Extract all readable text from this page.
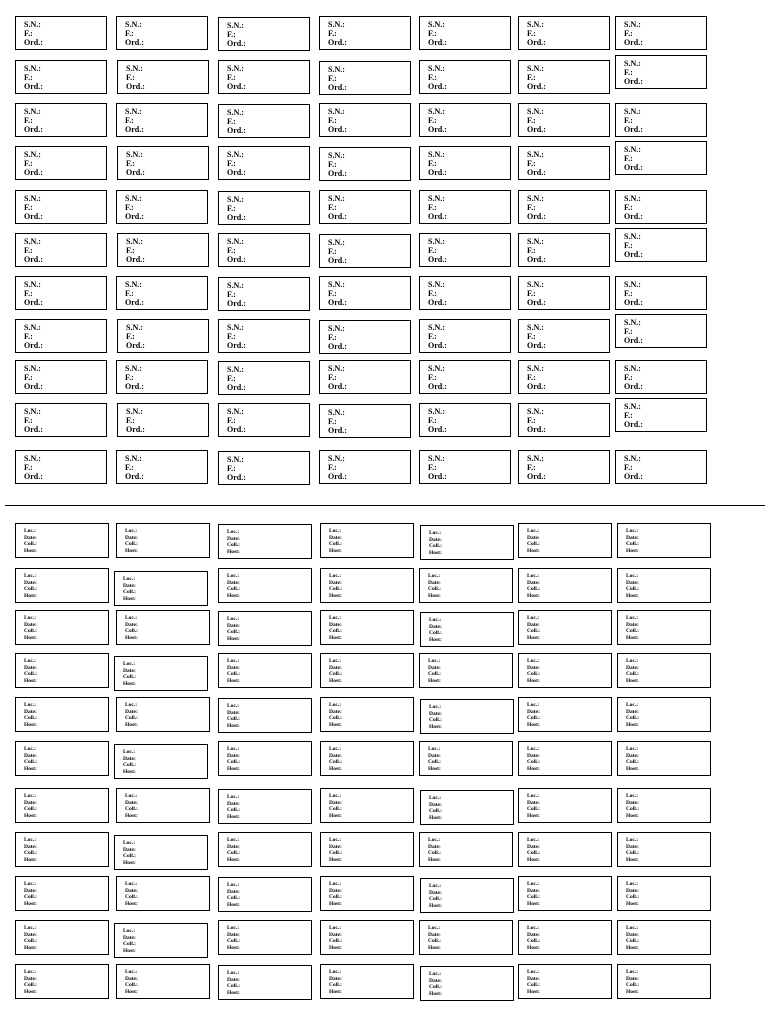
S.N.:
F.:
Ord.:
S.N.:
F.:
Ord.:
S.N.:
F.:
Ord.:
S.N.:
F.:
Ord.:
S.N.:
F.:
Ord.:
S.N.:
F.:
Ord.:
S.N.:
F.:
Ord.:
S.N.:
F.:
Ord.:
S.N.:
F.:
Ord.:
S.N.:
F.:
Ord.:
S.N.:
F.:
Ord.:
S.N.:
F.:
Ord.:
S.N.:
F.:
Ord.:
S.N.:
F.:
Ord.:
S.N.:
F.:
Ord.:
S.N.:
F.:
Ord.:
S.N.:
F.:
Ord.:
S.N.:
F.:
Ord.:
S.N.:
F.:
Ord.:
S.N.:
F.:
Ord.:
S.N.:
F.:
Ord.:
S.N.:
F.:
Ord.:
S.N.:
F.:
Ord.:
S.N.:
F.:
Ord.:
S.N.:
F.:
Ord.:
S.N.:
F.:
Ord.:
S.N.:
F.:
Ord.:
S.N.:
F.:
Ord.:
S.N.:
F.:
Ord.:
S.N.:
F.:
Ord.:
S.N.:
F.:
Ord.:
S.N.:
F.:
Ord.:
S.N.:
F.:
Ord.:
S.N.:
F.:
Ord.:
S.N.:
F.:
Ord.:
S.N.:
F.:
Ord.:
S.N.:
F.:
Ord.:
S.N.:
F.:
Ord.:
S.N.:
F.:
Ord.:
S.N.:
F.:
Ord.:
S.N.:
F.:
Ord.:
S.N.:
F.:
Ord.:
S.N.:
F.:
Ord.:
S.N.:
F.:
Ord.:
S.N.:
F.:
Ord.:
S.N.:
F.:
Ord.:
S.N.:
F.:
Ord.:
S.N.:
F.:
Ord.:
S.N.:
F.:
Ord.:
S.N.:
F.:
Ord.:
S.N.:
F.:
Ord.:
S.N.:
F.:
Ord.:
S.N.:
F.:
Ord.:
S.N.:
F.:
Ord.:
S.N.:
F.:
Ord.:
S.N.:
F.:
Ord.:
S.N.:
F.:
Ord.:
S.N.:
F.:
Ord.:
S.N.:
F.:
Ord.:
S.N.:
F.:
Ord.:
S.N.:
F.:
Ord.:
S.N.:
F.:
Ord.:
S.N.:
F.:
Ord.:
S.N.:
F.:
Ord.:
S.N.:
F.:
Ord.:
S.N.:
F.:
Ord.:
S.N.:
F.:
Ord.:
S.N.:
F.:
Ord.:
S.N.:
F.:
Ord.:
S.N.:
F.:
Ord.:
S.N.:
F.:
Ord.:
S.N.:
F.:
Ord.:
S.N.:
F.:
Ord.:
S.N.:
F.:
Ord.:
S.N.:
F.:
Ord.:
S.N.:
F.:
Ord.:
S.N.:
F.:
Ord.:
Loc.:
Date:
Coll.:
Host:
Loc.:
Date:
Coll.:
Host:
Loc.:
Date:
Coll.:
Host:
Loc.:
Date:
Coll.:
Host:
Loc.:
Date:
Coll.:
Host:
Loc.:
Date:
Coll.:
Host:
Loc.:
Date:
Coll.:
Host:
Loc.:
Date:
Coll.:
Host:
Loc.:
Date:
Coll.:
Host:
Loc.:
Date:
Coll.:
Host:
Loc.:
Date:
Coll.:
Host:
Loc.:
Date:
Coll.:
Host:
Loc.:
Date:
Coll.:
Host:
Loc.:
Date:
Coll.:
Host:
Loc.:
Date:
Coll.:
Host:
Loc.:
Date:
Coll.:
Host:
Loc.:
Date:
Coll.:
Host:
Loc.:
Date:
Coll.:
Host:
Loc.:
Date:
Coll.:
Host:
Loc.:
Date:
Coll.:
Host:
Loc.:
Date:
Coll.:
Host:
Loc.:
Date:
Coll.:
Host:
Loc.:
Date:
Coll.:
Host:
Loc.:
Date:
Coll.:
Host:
Loc.:
Date:
Coll.:
Host:
Loc.:
Date:
Coll.:
Host:
Loc.:
Date:
Coll.:
Host:
Loc.:
Date:
Coll.:
Host:
Loc.:
Date:
Coll.:
Host:
Loc.:
Date:
Coll.:
Host:
Loc.:
Date:
Coll.:
Host:
Loc.:
Date:
Coll.:
Host:
Loc.:
Date:
Coll.:
Host:
Loc.:
Date:
Coll.:
Host:
Loc.:
Date:
Coll.:
Host:
Loc.:
Date:
Coll.:
Host:
Loc.:
Date:
Coll.:
Host:
Loc.:
Date:
Coll.:
Host:
Loc.:
Date:
Coll.:
Host:
Loc.:
Date:
Coll.:
Host:
Loc.:
Date:
Coll.:
Host:
Loc.:
Date:
Coll.:
Host:
Loc.:
Date:
Coll.:
Host:
Loc.:
Date:
Coll.:
Host:
Loc.:
Date:
Coll.:
Host:
Loc.:
Date:
Coll.:
Host:
Loc.:
Date:
Coll.:
Host:
Loc.:
Date:
Coll.:
Host:
Loc.:
Date:
Coll.:
Host:
Loc.:
Date:
Coll.:
Host:
Loc.:
Date:
Coll.:
Host:
Loc.:
Date:
Coll.:
Host:
Loc.:
Date:
Coll.:
Host:
Loc.:
Date:
Coll.:
Host:
Loc.:
Date:
Coll.:
Host:
Loc.:
Date:
Coll.:
Host:
Loc.:
Date:
Coll.:
Host:
Loc.:
Date:
Coll.:
Host:
Loc.:
Date:
Coll.:
Host:
Loc.:
Date:
Coll.:
Host:
Loc.:
Date:
Coll.:
Host:
Loc.:
Date:
Coll.:
Host:
Loc.:
Date:
Coll.:
Host:
Loc.:
Date:
Coll.:
Host:
Loc.:
Date:
Coll.:
Host:
Loc.:
Date:
Coll.:
Host:
Loc.:
Date:
Coll.:
Host:
Loc.:
Date:
Coll.:
Host:
Loc.:
Date:
Coll.:
Host:
Loc.:
Date:
Coll.:
Host:
Loc.:
Date:
Coll.:
Host:
Loc.:
Date:
Coll.:
Host:
Loc.:
Date:
Coll.:
Host:
Loc.:
Date:
Coll.:
Host:
Loc.:
Date:
Coll.:
Host:
Loc.:
Date:
Coll.:
Host:
Loc.:
Date:
Coll.:
Host:
